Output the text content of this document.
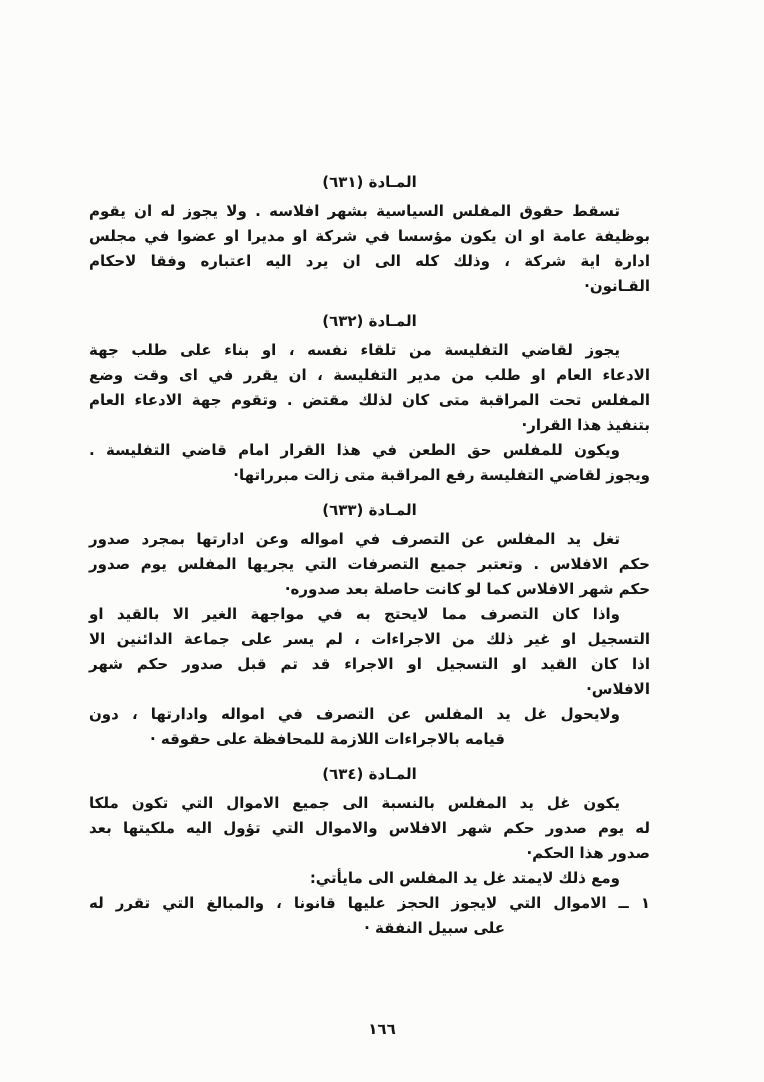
المـادة (٦٣١)
تسقط حقوق المفلس السياسية بشهر افلاسه . ولا يجوز له ان يقوم
بوظيفة عامة او ان يكون مؤسسا في شركة او مديرا او عضوا في مجلس
ادارة اية شركة ، وذلك كله الى ان يرد اليه اعتباره وفقا لاحكام
القـانون·
المـادة (٦٣٢)
يجوز لقاضي التفليسة من تلقاء نفسه ، او بناء على طلب جهة
الادعاء العام او طلب من مدير التفليسة ، ان يقرر في اى وقت وضع
المفلس تحت المراقبة متى كان لذلك مقتض . وتقوم جهة الادعاء العام
بتنفيذ هذا القرار·
ويكون للمفلس حق الطعن في هذا القرار امام قاضي التفليسة .
ويجوز لقاضي التفليسة رفع المراقبة متى زالت مبرراتها·
المـادة (٦٣٣)
تغل يد المفلس عن التصرف في امواله وعن ادارتها بمجرد صدور
حكم الافلاس . وتعتبر جميع التصرفات التي يجريها المفلس يوم صدور
حكم شهر الافلاس كما لو كانت حاصلة بعد صدوره·
واذا كان التصرف مما لايحتج به في مواجهة الغير الا بالقيد او
التسجيل او غير ذلك من الاجراءات ، لم يسر على جماعة الدائنين الا
اذا كان القيد او التسجيل او الاجراء قد تم قبل صدور حكم شهر
الافلاس·
ولايحول غل يد المفلس عن التصرف في امواله وادارتها ، دون
قيامه بالاجراءات اللازمة للمحافظة على حقوقه ·
المـادة (٦٣٤)
يكون غل يد المفلس بالنسبة الى جميع الاموال التي تكون ملكا
له يوم صدور حكم شهر الافلاس والاموال التي تؤول اليه ملكيتها بعد
صدور هذا الحكم·
ومع ذلك لايمتد غل يد المفلس الى مايأتي:
١ ــ الاموال التي لايجوز الحجز عليها قانونا ، والمبالغ التي تقرر له
على سبيل النفقة ·
١٦٦
